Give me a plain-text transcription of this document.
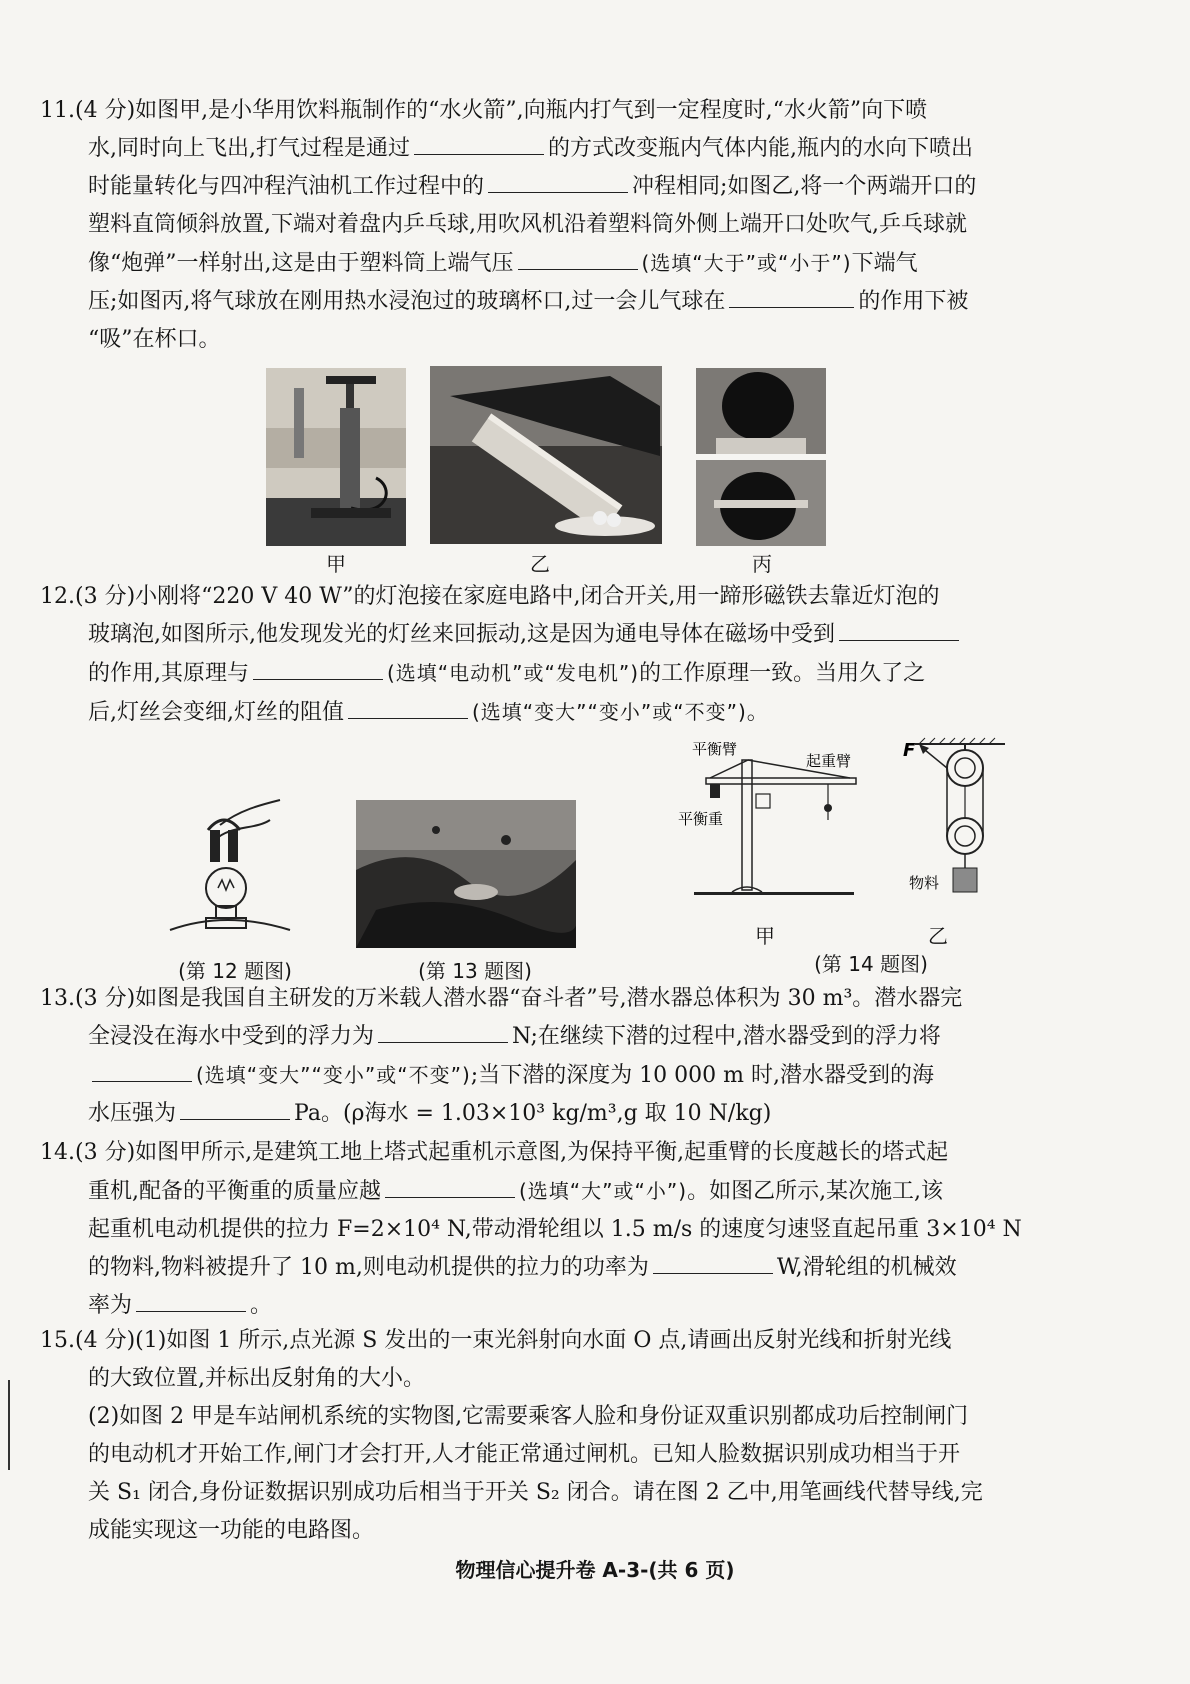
11.(4 分)如图甲,是小华用饮料瓶制作的“水火箭”,向瓶内打气到一定程度时,“水火箭”向下喷

水,同时向上飞出,打气过程是通过	的方式改变瓶内气体内能,瓶内的水向下喷出

时能量转化与四冲程汽油机工作过程中的	冲程相同;如图乙,将一个两端开口的

塑料直筒倾斜放置,下端对着盘内乒乓球,用吹风机沿着塑料筒外侧上端开口处吹气,乒乓球就

像“炮弹”一样射出,这是由于塑料筒上端气压	(选填“大于”或“小于”)下端气

压;如图丙,将气球放在刚用热水浸泡过的玻璃杯口,过一会儿气球在	的作用下被

“吸”在杯口。

甲	乙	丙

12.(3 分)小刚将“220 V 40 W”的灯泡接在家庭电路中,闭合开关,用一蹄形磁铁去靠近灯泡的

玻璃泡,如图所示,他发现发光的灯丝来回振动,这是因为通电导体在磁场中受到

的作用,其原理与	(选填“电动机”或“发电机”)的工作原理一致。当用久了之

后,灯丝会变细,灯丝的阻值	(选填“变大”“变小”或“不变”)。

(第 12 题图)	(第 13 题图)
平衡臂
起重臂
平衡重
甲
F
物料
乙
(第 14 题图)

13.(3 分)如图是我国自主研发的万米载人潜水器“奋斗者”号,潜水器总体积为 30 m³。潜水器完

全浸没在海水中受到的浮力为	N;在继续下潜的过程中,潜水器受到的浮力将

(选填“变大”“变小”或“不变”);当下潜的深度为 10 000 m 时,潜水器受到的海

水压强为	Pa。(ρ海水 = 1.03×10³ kg/m³,g 取 10 N/kg)

14.(3 分)如图甲所示,是建筑工地上塔式起重机示意图,为保持平衡,起重臂的长度越长的塔式起

重机,配备的平衡重的质量应越	(选填“大”或“小”)。如图乙所示,某次施工,该

起重机电动机提供的拉力 F=2×10⁴ N,带动滑轮组以 1.5 m/s 的速度匀速竖直起吊重 3×10⁴ N

的物料,物料被提升了 10 m,则电动机提供的拉力的功率为	W,滑轮组的机械效

率为	。

15.(4 分)(1)如图 1 所示,点光源 S 发出的一束光斜射向水面 O 点,请画出反射光线和折射光线

的大致位置,并标出反射角的大小。

(2)如图 2 甲是车站闸机系统的实物图,它需要乘客人脸和身份证双重识别都成功后控制闸门

的电动机才开始工作,闸门才会打开,人才能正常通过闸机。已知人脸数据识别成功相当于开

关 S₁ 闭合,身份证数据识别成功后相当于开关 S₂ 闭合。请在图 2 乙中,用笔画线代替导线,完

成能实现这一功能的电路图。

物理信心提升卷 A-3-(共 6 页)
